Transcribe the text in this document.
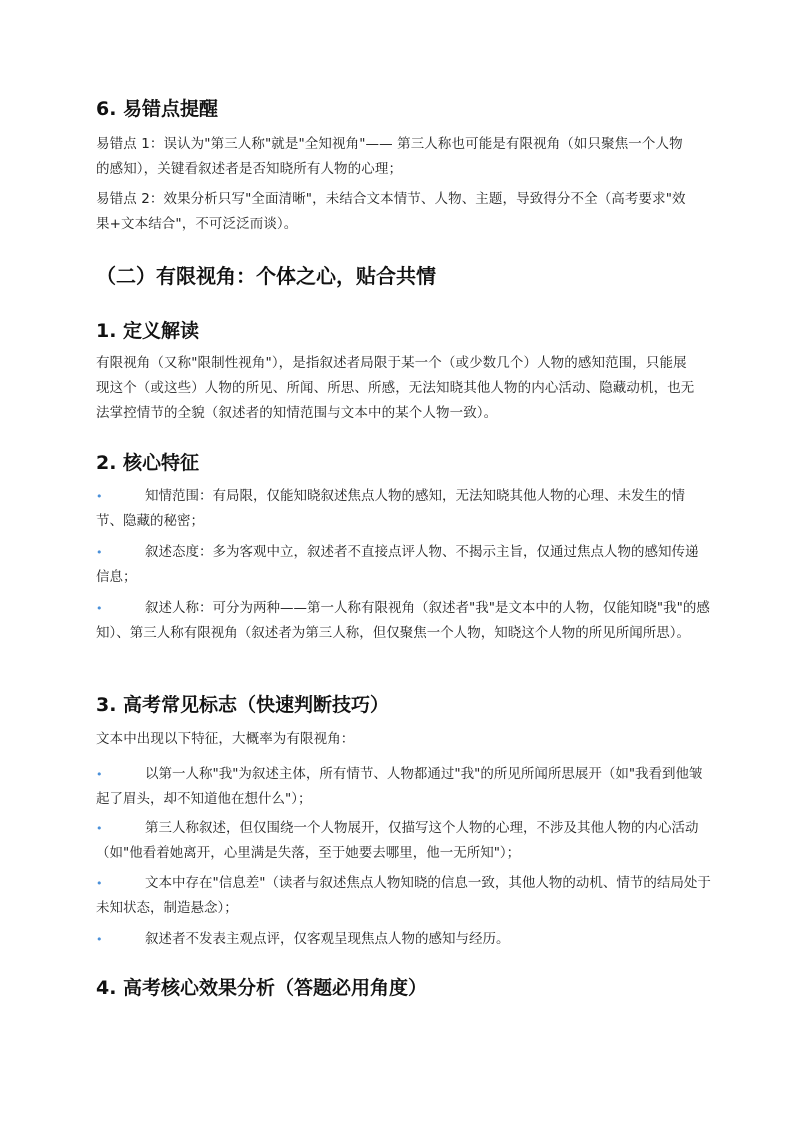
6. 易错点提醒
易错点 1：误认为"第三人称"就是"全知视角"—— 第三人称也可能是有限视角（如只聚焦一个人物的感知），关键看叙述者是否知晓所有人物的心理；
易错点 2：效果分析只写"全面清晰"，未结合文本情节、人物、主题，导致得分不全（高考要求"效果+文本结合"，不可泛泛而谈）。
（二）有限视角：个体之心，贴合共情
1. 定义解读
有限视角（又称"限制性视角"），是指叙述者局限于某一个（或少数几个）人物的感知范围，只能展现这个（或这些）人物的所见、所闻、所思、所感，无法知晓其他人物的内心活动、隐藏动机，也无法掌控情节的全貌（叙述者的知情范围与文本中的某个人物一致）。
2. 核心特征
•	知情范围：有局限，仅能知晓叙述焦点人物的感知，无法知晓其他人物的心理、未发生的情节、隐藏的秘密；
•	叙述态度：多为客观中立，叙述者不直接点评人物、不揭示主旨，仅通过焦点人物的感知传递信息；
•	叙述人称：可分为两种——第一人称有限视角（叙述者"我"是文本中的人物，仅能知晓"我"的感知）、第三人称有限视角（叙述者为第三人称，但仅聚焦一个人物，知晓这个人物的所见所闻所思）。
3. 高考常见标志（快速判断技巧）
文本中出现以下特征，大概率为有限视角：
•	以第一人称"我"为叙述主体，所有情节、人物都通过"我"的所见所闻所思展开（如"我看到他皱起了眉头，却不知道他在想什么"）；
•	第三人称叙述，但仅围绕一个人物展开，仅描写这个人物的心理，不涉及其他人物的内心活动（如"他看着她离开，心里满是失落，至于她要去哪里，他一无所知"）；
•	文本中存在"信息差"（读者与叙述焦点人物知晓的信息一致，其他人物的动机、情节的结局处于未知状态，制造悬念）；
•	叙述者不发表主观点评，仅客观呈现焦点人物的感知与经历。
4. 高考核心效果分析（答题必用角度）
